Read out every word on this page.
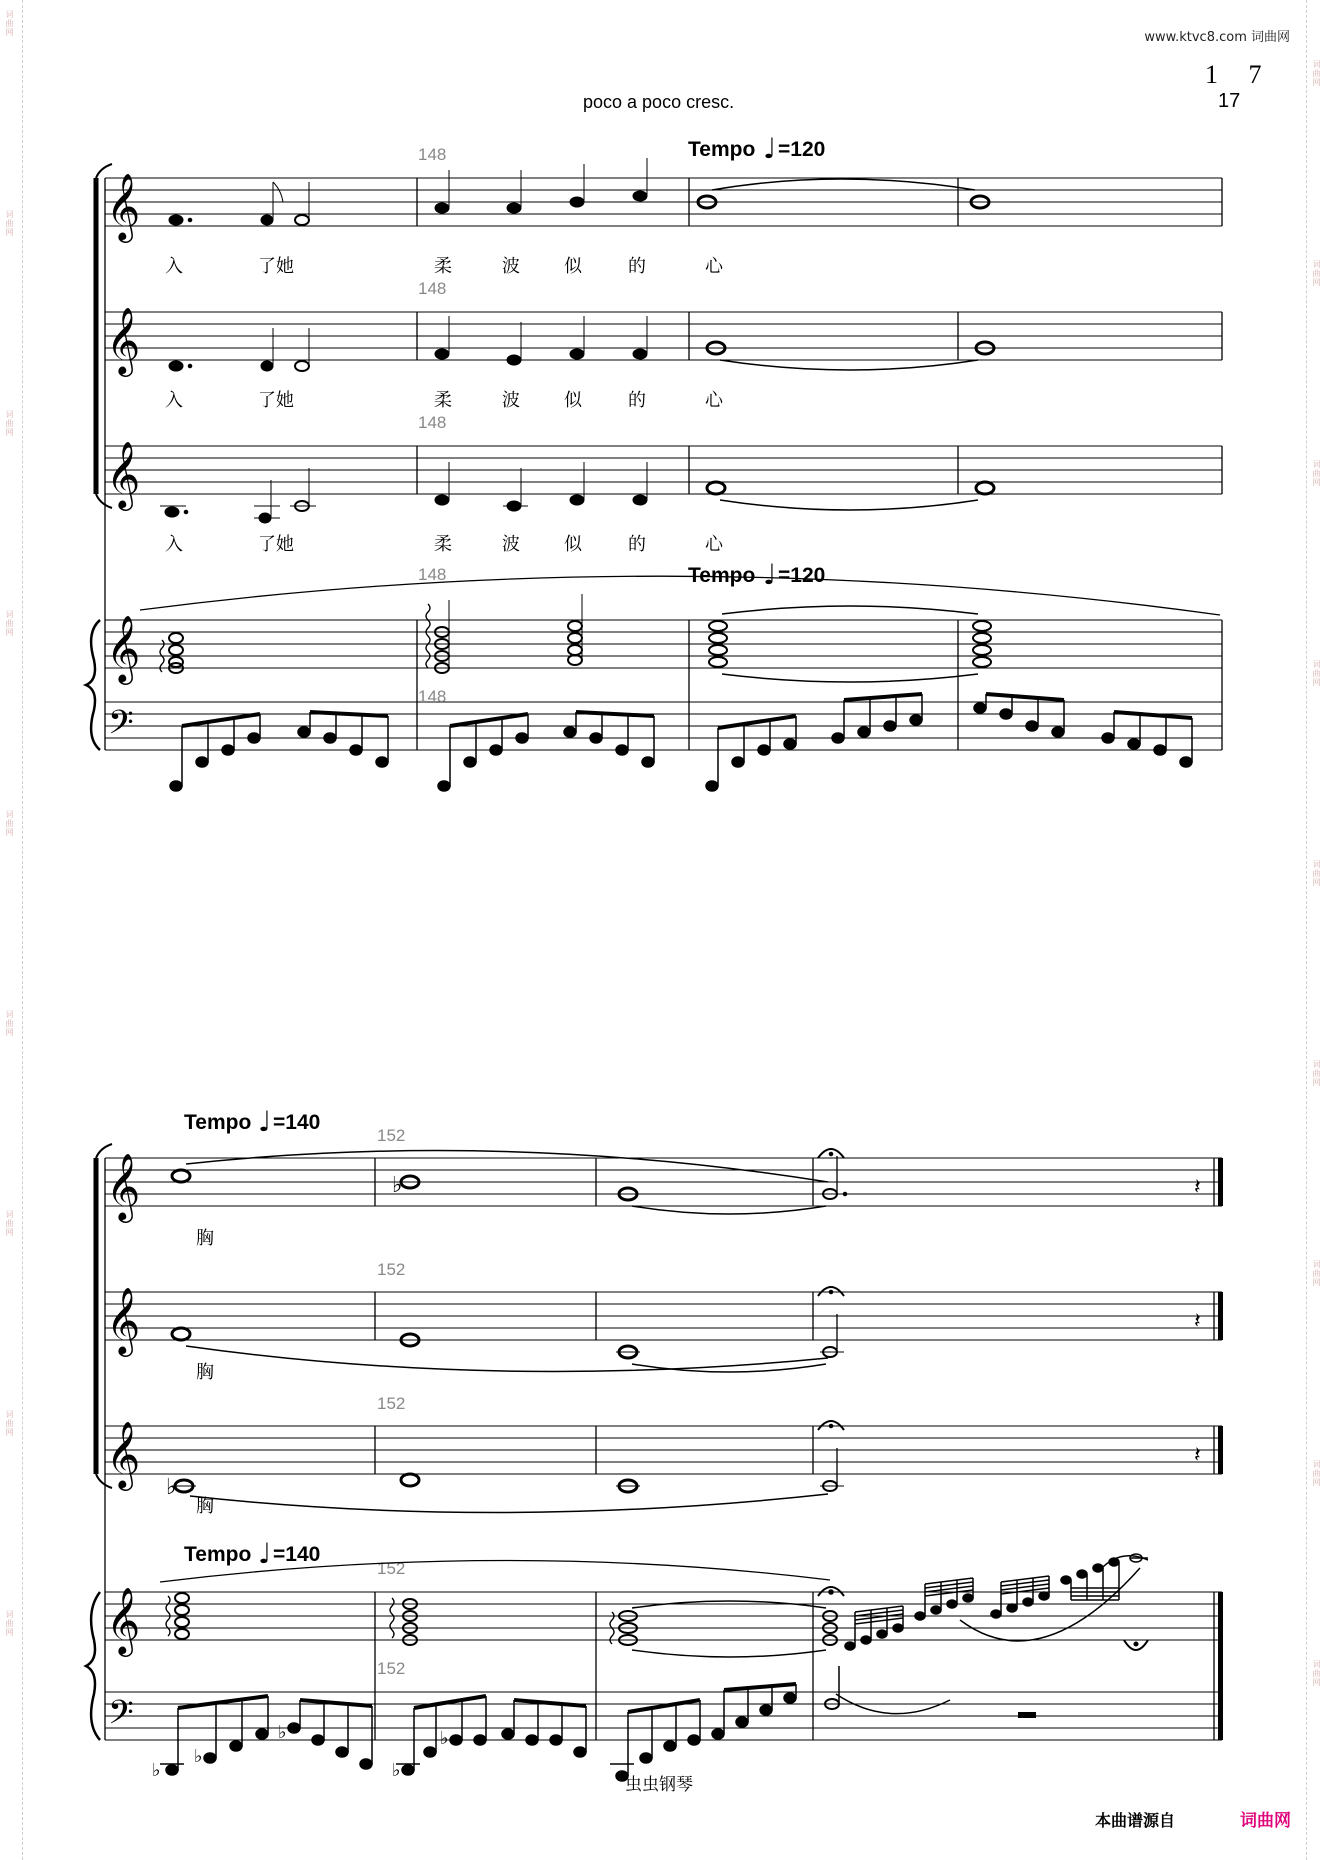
词曲网
词曲网
词曲网
词曲网
词曲网
词曲网
词曲网
词曲网
词曲网
词曲网
词曲网
词曲网
词曲网
词曲网
词曲网
词曲网
词曲网
词曲网
www.ktvc8.com 词曲网
1 7
17
poco a poco cresc.
𝄞
𝄞
𝄞
𝄞
𝄢
148
148
148
148
148
Tempo ♩ =120
Tempo ♩ =120
入	了她	柔	波 似	的	心
入	了她	柔	波 似	的	心
入	了她	柔	波 似	的	心
𝄞
𝄞
𝄞
𝄞
𝄢
152
152
152
152
152
Tempo ♩ =140
Tempo ♩ =140
♭	𝄽
𝄽
♭
𝄽
♭
♭
♭
♭
♭
胸
胸
胸
虫虫钢琴
本曲谱源自	词曲网
